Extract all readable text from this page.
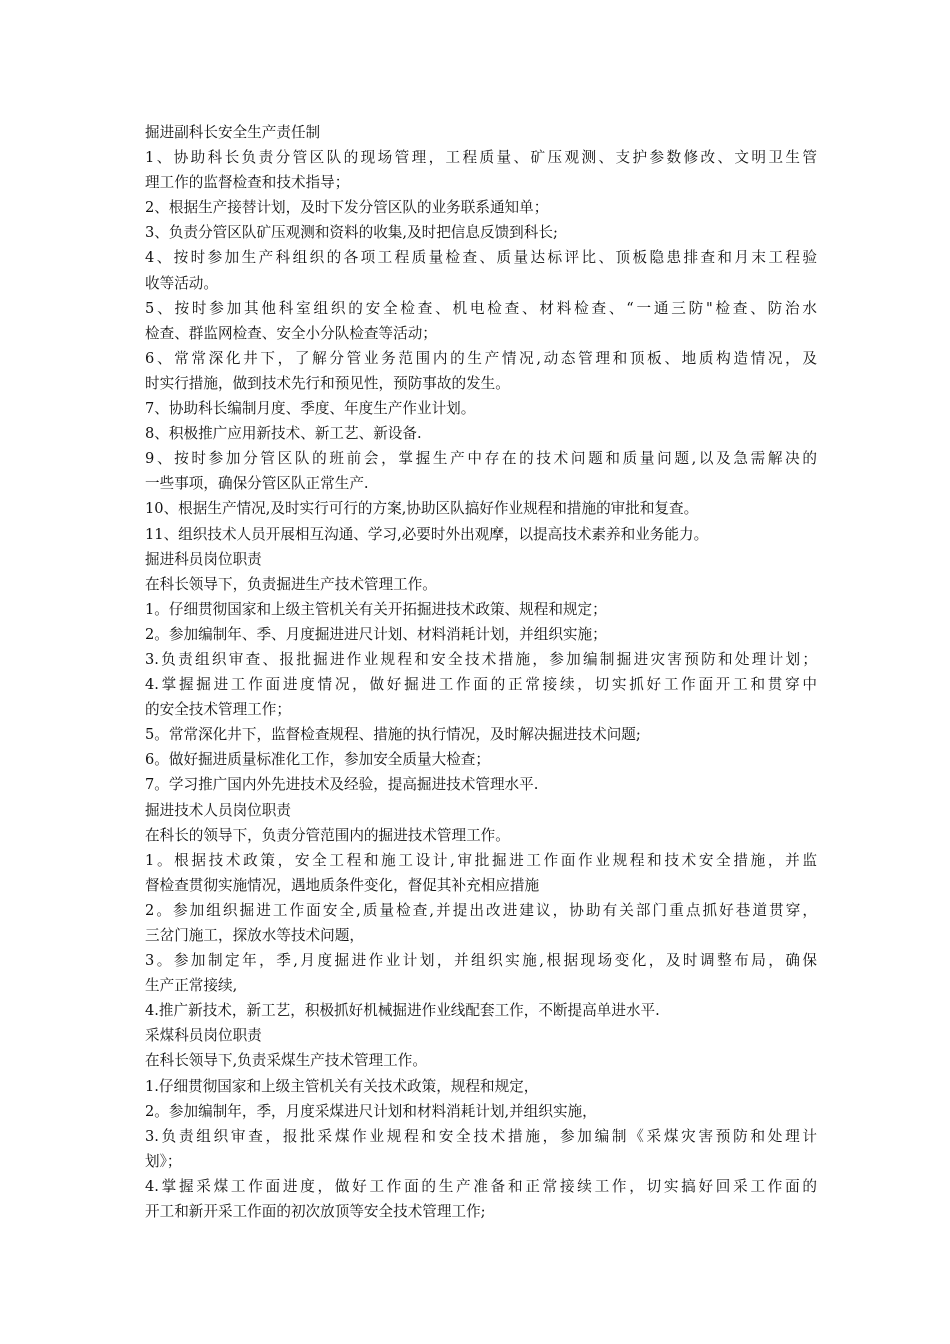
掘进副科长安全生产责任制
1、协助科长负责分管区队的现场管理，工程质量、矿压观测、支护参数修改、文明卫生管
理工作的监督检查和技术指导；
2、根据生产接替计划，及时下发分管区队的业务联系通知单；
3、负责分管区队矿压观测和资料的收集,及时把信息反馈到科长;
4、按时参加生产科组织的各项工程质量检查、质量达标评比、顶板隐患排查和月末工程验
收等活动。
5、按时参加其他科室组织的安全检查、机电检查、材料检查、“一通三防"检查、防治水
检查、群监网检查、安全小分队检查等活动；
6、常常深化井下，了解分管业务范围内的生产情况,动态管理和顶板、地质构造情况，及
时实行措施，做到技术先行和预见性，预防事故的发生。
7、协助科长编制月度、季度、年度生产作业计划。
8、积极推广应用新技术、新工艺、新设备.
9、按时参加分管区队的班前会，掌握生产中存在的技术问题和质量问题,以及急需解决的
一些事项，确保分管区队正常生产.
10、根据生产情况,及时实行可行的方案,协助区队搞好作业规程和措施的审批和复查。
11、组织技术人员开展相互沟通、学习,必要时外出观摩，以提高技术素养和业务能力。
掘进科员岗位职责
在科长领导下，负责掘进生产技术管理工作。
1。仔细贯彻国家和上级主管机关有关开拓掘进技术政策、规程和规定；
2。参加编制年、季、月度掘进进尺计划、材料消耗计划，并组织实施；
3.负责组织审查、报批掘进作业规程和安全技术措施，参加编制掘进灾害预防和处理计划；
4.掌握掘进工作面进度情况，做好掘进工作面的正常接续，切实抓好工作面开工和贯穿中
的安全技术管理工作；
5。常常深化井下，监督检查规程、措施的执行情况，及时解决掘进技术问题;
6。做好掘进质量标准化工作，参加安全质量大检查；
7。学习推广国内外先进技术及经验，提高掘进技术管理水平.
掘进技术人员岗位职责
在科长的领导下，负责分管范围内的掘进技术管理工作。
1。根据技术政策，安全工程和施工设计,审批掘进工作面作业规程和技术安全措施，并监
督检查贯彻实施情况，遇地质条件变化，督促其补充相应措施
2。参加组织掘进工作面安全,质量检查,并提出改进建议，协助有关部门重点抓好巷道贯穿，
三岔门施工，探放水等技术问题，
3。参加制定年，季,月度掘进作业计划，并组织实施,根据现场变化，及时调整布局，确保
生产正常接续,
4.推广新技术，新工艺，积极抓好机械掘进作业线配套工作，不断提高单进水平.
采煤科员岗位职责
在科长领导下,负责采煤生产技术管理工作。
1.仔细贯彻国家和上级主管机关有关技术政策，规程和规定，
2。参加编制年，季，月度采煤进尺计划和材料消耗计划,并组织实施，
3.负责组织审查，报批采煤作业规程和安全技术措施，参加编制《采煤灾害预防和处理计
划》；
4.掌握采煤工作面进度，做好工作面的生产准备和正常接续工作，切实搞好回采工作面的
开工和新开采工作面的初次放顶等安全技术管理工作;
